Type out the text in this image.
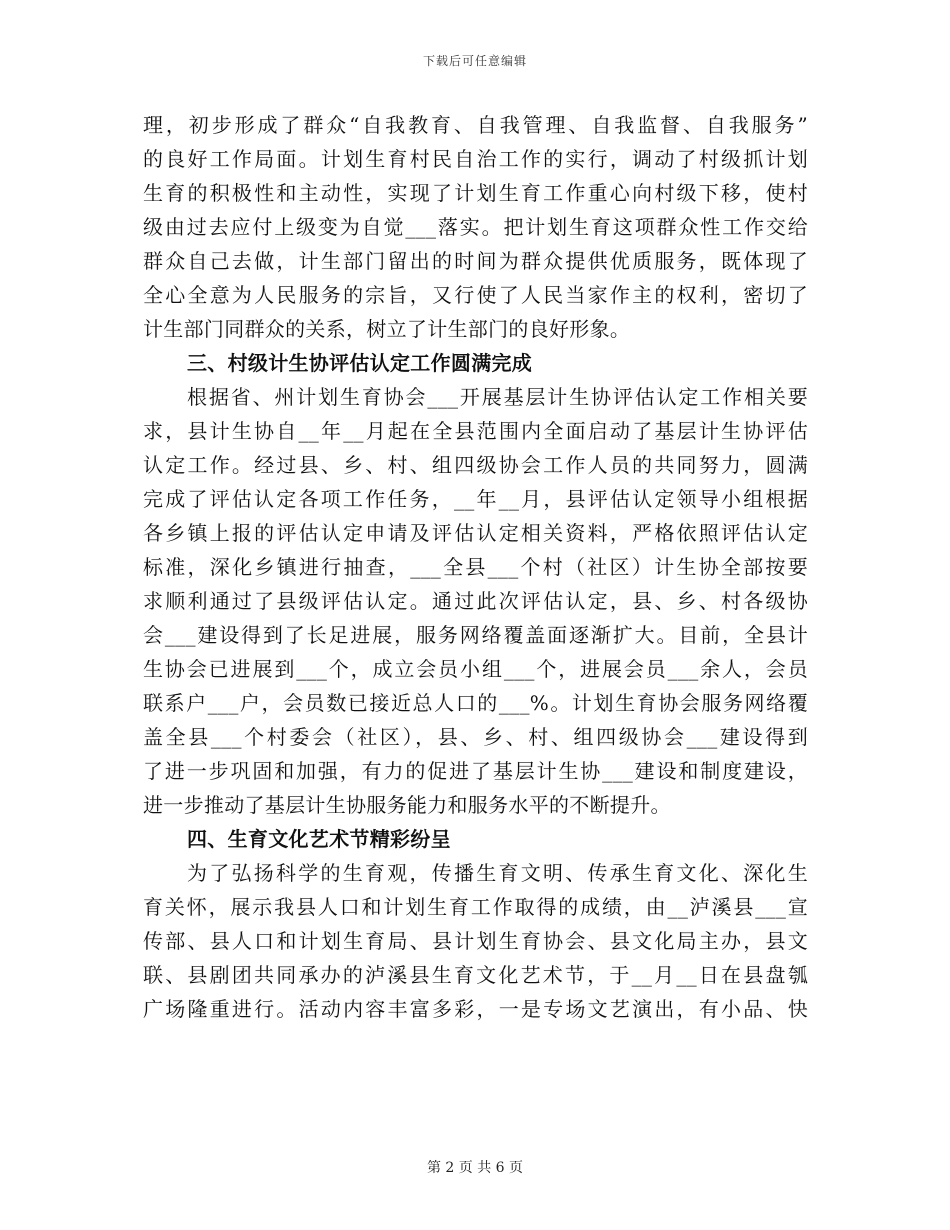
下载后可任意编辑
理，初步形成了群众“自我教育、自我管理、自我监督、自我服务”
的良好工作局面。计划生育村民自治工作的实行，调动了村级抓计划
生育的积极性和主动性，实现了计划生育工作重心向村级下移，使村
级由过去应付上级变为自觉___落实。把计划生育这项群众性工作交给
群众自己去做，计生部门留出的时间为群众提供优质服务，既体现了
全心全意为人民服务的宗旨，又行使了人民当家作主的权利，密切了
计生部门同群众的关系，树立了计生部门的良好形象。
三、村级计生协评估认定工作圆满完成
根据省、州计划生育协会___开展基层计生协评估认定工作相关要
求，县计生协自__年__月起在全县范围内全面启动了基层计生协评估
认定工作。经过县、乡、村、组四级协会工作人员的共同努力，圆满
完成了评估认定各项工作任务，__年__月，县评估认定领导小组根据
各乡镇上报的评估认定申请及评估认定相关资料，严格依照评估认定
标准，深化乡镇进行抽查，___全县___个村（社区）计生协全部按要
求顺利通过了县级评估认定。通过此次评估认定，县、乡、村各级协
会___建设得到了长足进展，服务网络覆盖面逐渐扩大。目前，全县计
生协会已进展到___个，成立会员小组___个，进展会员___余人，会员
联系户___户，会员数已接近总人口的___%。计划生育协会服务网络覆
盖全县___个村委会（社区），县、乡、村、组四级协会___建设得到
了进一步巩固和加强，有力的促进了基层计生协___建设和制度建设，
进一步推动了基层计生协服务能力和服务水平的不断提升。
四、生育文化艺术节精彩纷呈
为了弘扬科学的生育观，传播生育文明、传承生育文化、深化生
育关怀，展示我县人口和计划生育工作取得的成绩，由__泸溪县___宣
传部、县人口和计划生育局、县计划生育协会、县文化局主办，县文
联、县剧团共同承办的泸溪县生育文化艺术节，于__月__日在县盘瓠
广场隆重进行。活动内容丰富多彩，一是专场文艺演出，有小品、快
第 2 页 共 6 页
